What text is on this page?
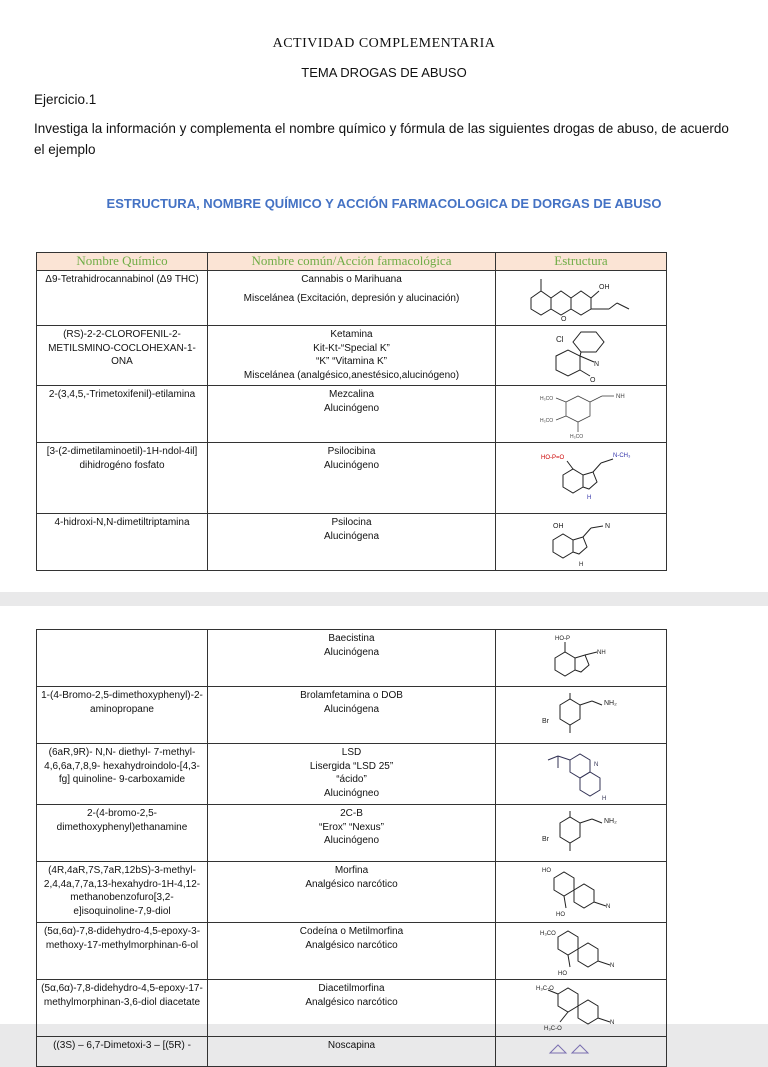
ACTIVIDAD COMPLEMENTARIA
TEMA DROGAS DE ABUSO
Ejercicio.1
Investiga la información y complementa el nombre químico y fórmula de las siguientes drogas de abuso, de acuerdo el ejemplo
ESTRUCTURA, NOMBRE QUÍMICO Y ACCIÓN FARMACOLOGICA DE DORGAS DE ABUSO
Nombre Químico	Nombre común/Acción farmacológica	Estructura
Δ9-Tetrahidrocannabinol (Δ9 THC)	Cannabis o Marihuana
Miscelánea (Excitación, depresión y alucinación)	OH
O

(RS)-2-2-CLOROFENIL-2-METILSMINO-COCLOHEXAN-1-ONA	Ketamina
Kit-Kt-“Special K”
“K” “Vitamina K”
Miscelánea (analgésico,anestésico,alucinógeno)	Cl
N
O

2-(3,4,5,-Trimetoxifenil)-etilamina	Mezcalina
Alucinógeno	NH
H₃CO
H₃CO
H₃CO

[3-(2-dimetilaminoetil)-1H-ndol-4il] dihidrogéno fosfato	Psilocibina
Alucinógeno	HO-P=O N-CH₃
H

4-hidroxi-N,N-dimetiltriptamina	Psilocina
Alucinógena	OH N
H

	Baecistina
Alucinógena	HO-P
NH

1-(4-Bromo-2,5-dimethoxyphenyl)-2-aminopropane	Brolamfetamina o DOB
Alucinógena	NH₂
Br

(6aR,9R)- N,N- diethyl- 7-methyl-4,6,6a,7,8,9- hexahydroindolo-[4,3-fg] quinoline- 9-carboxamide	LSD
Lisergida “LSD 25”
“ácido”
Alucinógneo	N
H

2-(4-bromo-2,5-dimethoxyphenyl)ethanamine	2C-B
“Erox” “Nexus”
Alucinógeno	NH₂
Br

(4R,4aR,7S,7aR,12bS)-3-methyl-2,4,4a,7,7a,13-hexahydro-1H-4,12-methanobenzofuro[3,2-e]isoquinoline-7,9-diol	Morfina
Analgésico narcótico	HO
HO
N

(5α,6α)-7,8-didehydro-4,5-epoxy-3-methoxy-17-methylmorphinan-6-ol	Codeína o Metilmorfina
Analgésico narcótico	H₃CO
HO
N

(5α,6α)-7,8-didehydro-4,5-epoxy-17-methylmorphinan-3,6-diol diacetate	Diacetilmorfina
Analgésico narcótico	H₃C-O
H₃C-O
N

((3S) – 6,7-Dimetoxi-3 – [(5R) -	Noscapina
